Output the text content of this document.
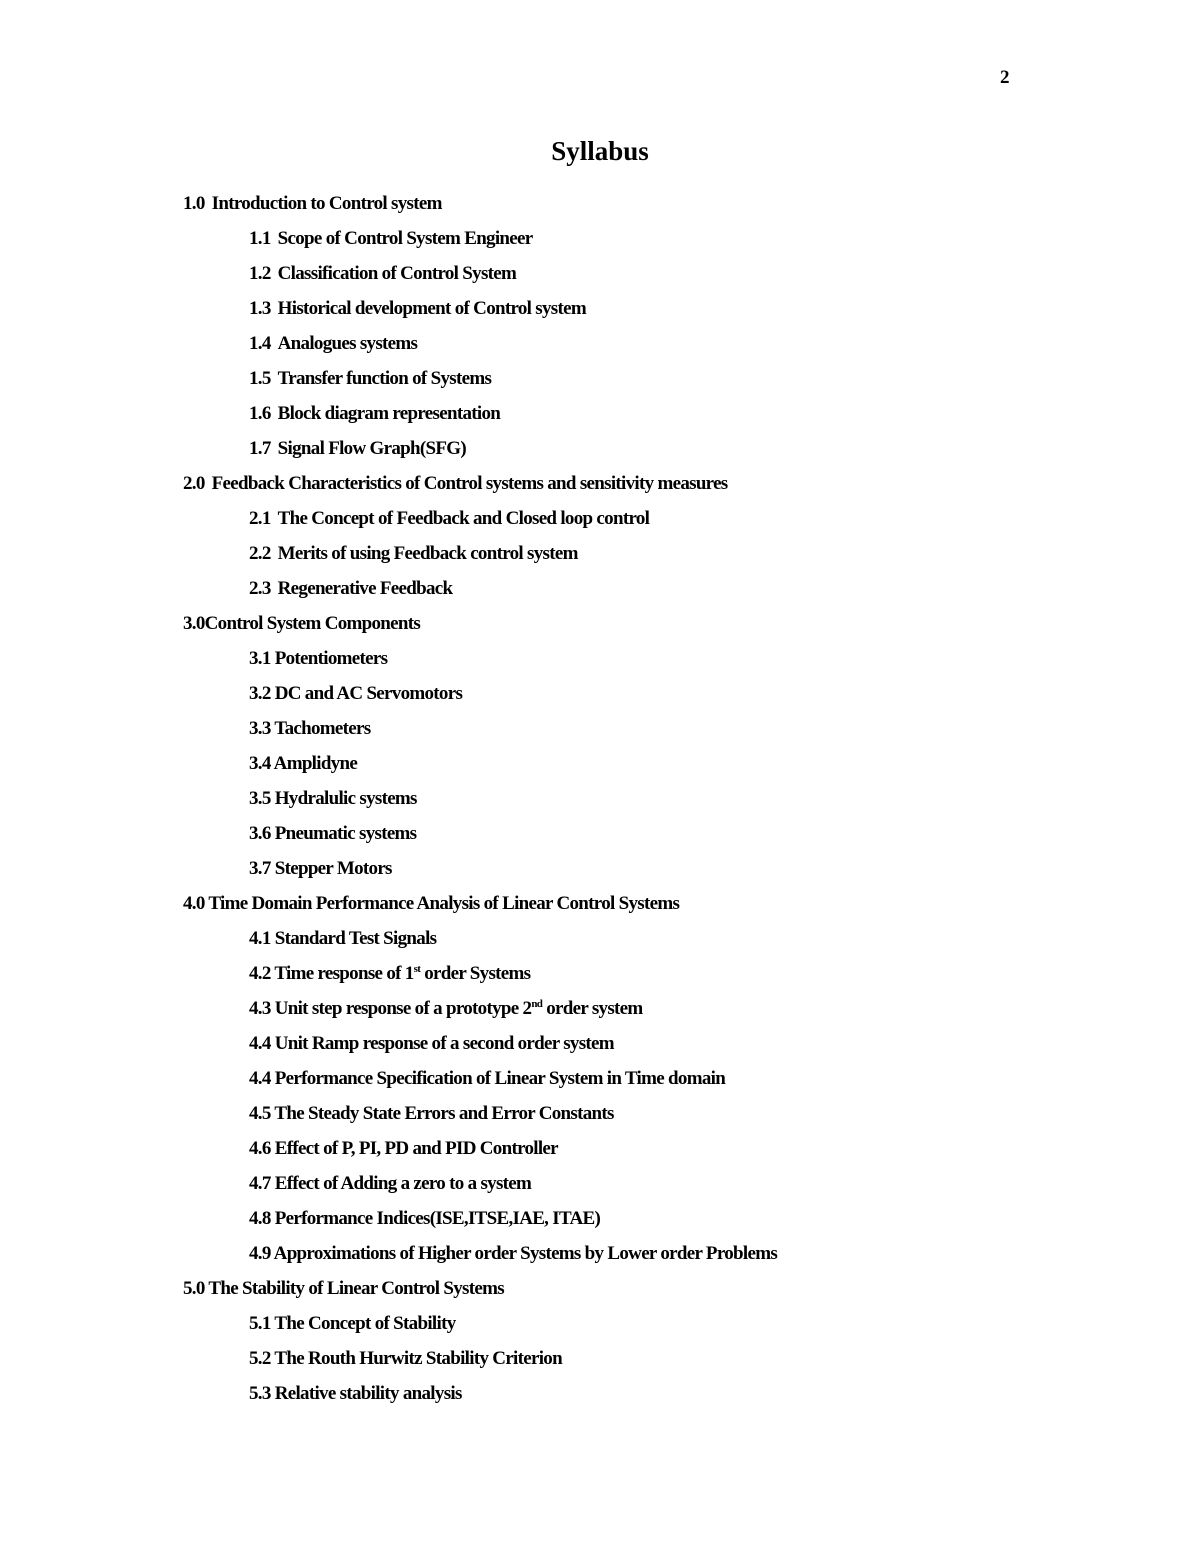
2
Syllabus
1.0 Introduction to Control system
1.1 Scope of Control System Engineer
1.2 Classification of Control System
1.3 Historical development of Control system
1.4 Analogues systems
1.5 Transfer function of Systems
1.6 Block diagram representation
1.7 Signal Flow Graph(SFG)
2.0 Feedback Characteristics of Control systems and sensitivity measures
2.1 The Concept of Feedback and Closed loop control
2.2 Merits of using Feedback control system
2.3 Regenerative Feedback
3.0Control System Components
3.1 Potentiometers
3.2 DC and AC Servomotors
3.3 Tachometers
3.4 Amplidyne
3.5 Hydralulic systems
3.6 Pneumatic systems
3.7 Stepper Motors
4.0 Time Domain Performance Analysis of Linear Control Systems
4.1 Standard Test Signals
4.2 Time response of 1st order Systems
4.3 Unit step response of a prototype 2nd order system
4.4 Unit Ramp response of a second order system
4.4 Performance Specification of Linear System in Time domain
4.5 The Steady State Errors and Error Constants
4.6 Effect of P, PI, PD and PID Controller
4.7 Effect of Adding a zero to a system
4.8 Performance Indices(ISE,ITSE,IAE, ITAE)
4.9 Approximations of Higher order Systems by Lower order Problems
5.0 The Stability of Linear Control Systems
5.1 The Concept of Stability
5.2 The Routh Hurwitz Stability Criterion
5.3 Relative stability analysis
